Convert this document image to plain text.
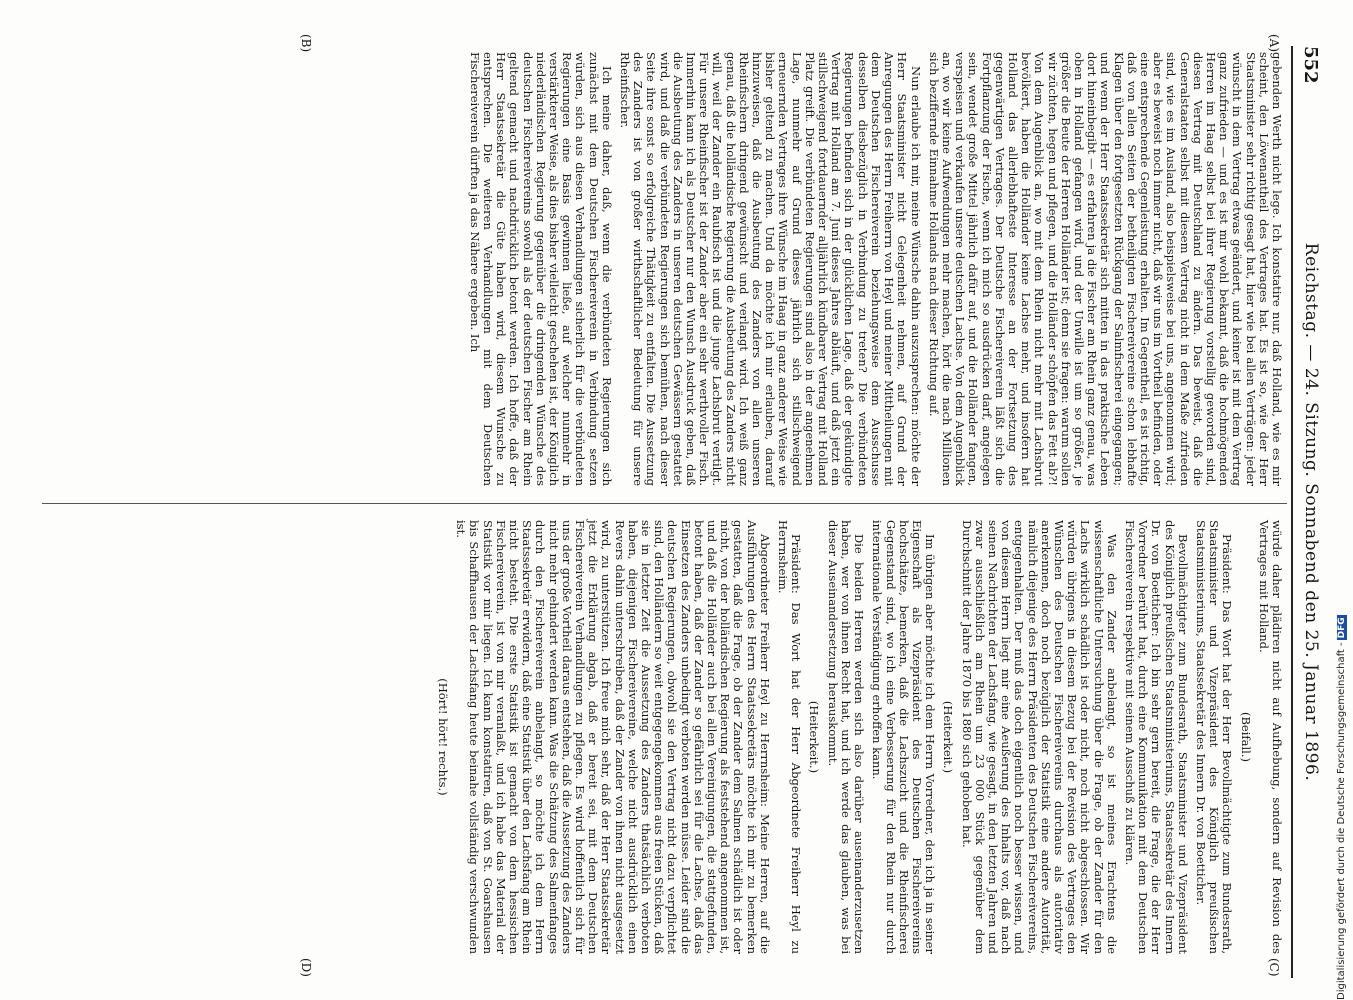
552
Reichstag. — 24. Sitzung. Sonnabend den 25. Januar 1896.
(A)
(B)
(C)
(D)

gebenden Werth nicht lege. Ich konstatire nur, daß Holland, wie es mir scheint, den Löwenantheil des Vertrages hat. Es ist so, wie der Herr Staatsminister sehr richtig gesagt hat, hier wie bei allen Verträgen: jeder wünscht in dem Vertrag etwas geändert, und keiner ist mit dem Vertrag ganz zufrieden — und es ist mir wohl bekannt, daß die hochmögenden Herren im Haag selbst bei ihrer Regierung vorstellig geworden sind, diesen Vertrag mit Deutschland zu ändern. Das beweist, daß die Generalstaaten selbst mit diesem Vertrag nicht in dem Maße zufrieden sind, wie es im Ausland, also beispielsweise bei uns, angenommen wird; aber es beweist noch immer nicht, daß wir uns im Vortheil befinden, oder eine entsprechende Gegenleistung erhalten. Im Gegentheil, es ist richtig, daß von allen Seiten der betheiligten Fischereivereine schon lebhafte Klagen über den fortgesetzten Rückgang der Salmfischerei eingegangen; und wenn der Herr Staatssekretär sich mitten in das praktische Leben dort hineinbegibt — es erfahren ja die Fischer am Rhein ganz genau, was oben in Holland gefangen wird, und der Unwille ist um so größer, je größer die Beute der Herren Holländer ist; denn sie fragen: warum sollen wir züchten, hegen und pflegen, und die Holländer schöpfen das Fett ab?! Von dem Augenblick an, wo mit dem Rhein nicht mehr mit Lachsbrut bevölkert, haben die Holländer keine Lachse mehr, und insofern hat Holland das allerlebhafteste Interesse an der Fortsetzung des gegenwärtigen Vertrages. Der Deutsche Fischereiverein läßt sich die Fortpflanzung der Fische, wenn ich mich so ausdrücken darf, angelegen sein, wendet große Mittel jährlich dafür auf, und die Holländer fangen, verspeisen und verkaufen unsere deutschen Lachse. Von dem Augenblick an, wo wir keine Aufwendungen mehr machen, hört die nach Millionen sich beziffernde Einnahme Hollands nach dieser Richtung auf.

Nun erlaube ich mir, meine Wünsche dahin auszusprechen: möchte der Herr Staatsminister nicht Gelegenheit nehmen, auf Grund der Anregungen des Herrn Freiherrn von Heyl und meiner Mittheilungen mit dem Deutschen Fischereiverein beziehungsweise dem Ausschusse desselben diesbezüglich in Verbindung zu treten? Die verbündeten Regierungen befinden sich in der glücklichen Lage, daß der gekündigte Vertrag mit Holland am 7. Juni dieses Jahres abläuft, und daß jetzt ein stillschweigend fortdauernder alljährlich kündbarer Vertrag mit Holland Platz greift. Die verbündeten Regierungen sind also in der angenehmen Lage, nunmehr auf Grund dieses jährlich sich stillschweigend erneuernden Vertrages ihre Wünsche im Haag in ganz anderer Weise wie bisher geltend zu machen. Und da möchte ich mir erlauben, darauf hinzuweisen, daß die Ausbeutung des Zanders von allen unseren Rheinfischern dringend gewünscht und verlangt wird. Ich weiß ganz genau, daß die holländische Regierung die Ausbeutung des Zanders nicht will, weil der Zander ein Raubfisch ist und die junge Lachsbrut vertilgt. Für unsere Rheinfischer ist der Zander aber ein sehr werthvoller Fisch. Immerhin kann ich als Deutscher nur den Wunsch Ausdruck geben, daß die Ausbeutung des Zanders in unseren deutschen Gewässern gestattet wird, und daß die verbündeten Regierungen sich bemühen, nach dieser Seite ihre sonst so erfolgreiche Thätigkeit zu entfalten. Die Aussetzung des Zanders ist von großer wirthschaftlicher Bedeutung für unsere Rheinfischer.

Ich meine daher, daß, wenn die verbündeten Regierungen sich zunächst mit dem Deutschen Fischereiverein in Verbindung setzen würden, sich aus diesen Verhandlungen sicherlich für die verbündeten Regierungen eine Basis gewinnen ließe, auf welcher nunmehr in verstärkterer Weise, als dies bisher vielleicht geschehen ist, der Königlich niederländischen Regierung gegenüber die dringenden Wünsche des deutschen Fischereivereins sowohl als der deutschen Fischer am Rhein geltend gemacht und nachdrücklich betont werden. Ich hoffe, daß der Herr Staatssekretär die Güte haben wird, diesem Wunsche zu entsprechen. Die weiteren Verhandlungen mit dem Deutschen Fischereiverein dürften ja das Nähere ergeben. Ich

würde daher plädiren nicht auf Aufhebung, sondern auf Revision des Vertrages mit Holland.

(Beifall.)

Präsident: Das Wort hat der Herr Bevollmächtigte zum Bundesrath, Staatsminister und Vizepräsident des Königlich preußischen Staatsministeriums, Staatssekretär des Innern Dr. von Boetticher.

Bevollmächtigter zum Bundesrath, Staatsminister und Vizepräsident des Königlich preußischen Staatsministeriums, Staatssekretär des Innern Dr. von Boetticher: Ich bin sehr gern bereit, die Frage, die der Herr Vorredner berührt hat, durch eine Kommunikation mit dem Deutschen Fischereiverein respektive mit seinem Ausschuß zu klären.

Was den Zander anbelangt, so ist meines Erachtens die wissenschaftliche Untersuchung über die Frage, ob der Zander für den Lachs wirklich schädlich ist oder nicht, noch nicht abgeschlossen. Wir würden übrigens in diesem Bezug bei der Revision des Vertrages den Wünschen des Deutschen Fischereivereins durchaus als autoritativ anerkennen, doch noch bezüglich der Statistik eine andere Autorität, nämlich diejenige des Herrn Präsidenten des Deutschen Fischereivereins, entgegenhalten. Der muß das doch eigentlich noch besser wissen, und von diesem Herrn liegt mir eine Aeußerung des Inhalts vor, daß nach seinen Nachrichten der Lachsfang, wie gesagt, in den letzten Jahren und zwar ausschließlich am Rhein um 23 000 Stück gegenüber dem Durchschnitt der Jahre 1870 bis 1880 sich gehoben hat.

(Heiterkeit.)

Im übrigen aber möchte ich dem Herrn Vorredner, den ich ja in seiner Eigenschaft als Vizepräsident des Deutschen Fischereivereins hochschätze, bemerken, daß die Lachszucht und die Rheinfischerei Gegenstand sind, wo ich eine Verbesserung für den Rhein nur durch internationale Verständigung erhoffen kann.

Die beiden Herren werden sich also darüber auseinanderzusetzen haben, wer von ihnen Recht hat, und ich werde das glauben, was bei dieser Auseinandersetzung herauskommt.

(Heiterkeit.)

Präsident: Das Wort hat der Herr Abgeordnete Freiherr Heyl zu Herrnsheim.

Abgeordneter Freiherr Heyl zu Herrnsheim: Meine Herren, auf die Ausführungen des Herrn Staatssekretärs möchte ich mir zu bemerken gestatten, daß die Frage, ob der Zander dem Salmen schädlich ist oder nicht, von der holländischen Regierung als feststehend angenommen ist, und daß die Holländer auch bei allen Vereinigungen, die stattgefunden, betont haben, daß der Zander so gefährlich sei für die Lachse, daß das Einsetzen des Zanders unbedingt verboten werden müsse. Leider sind die deutschen Regierungen, obwohl sie den Vertrag nicht dazu verpflichtet sind, den Holländern so weit entgegengekommen aus freien Stücken, daß sie in letzter Zeit die Aussetzung des Zanders thatsächlich verboten haben, diejenigen Fischereivereine, welche nicht ausdrücklich einen Revers dahin unterschreiben, daß der Zander von ihnen nicht ausgesetzt wird, zu unterstützen. Ich freue mich sehr, daß der Herr Staatssekretär jetzt die Erklärung abgab, daß er bereit sei, mit dem Deutschen Fischereiverein Verhandlungen zu pflegen. Es wird hoffentlich sich für uns der große Vortheil daraus entstehen, daß die Aussetzung des Zanders nicht mehr gehindert werden kann. Was die Schätzung des Salmenfanges durch den Fischereiverein anbelangt, so möchte ich dem Herrn Staatssekretär erwidern, daß eine Statistik über den Lachsfang am Rhein nicht besteht. Die erste Statistik ist gemacht von dem hessischen Fischereiverein, ist von mir veranlaßt, und ich habe das Material der Statistik vor mir liegen. Ich kann konstatiren, daß von St. Goarshausen bis Schaffhausen der Lachsfang heute beinahe vollständig verschwunden ist.

(Hört! hört! rechts.)	Digitalisierung gefördert durch die Deutsche Forschungsgemeinschaft -DFG
